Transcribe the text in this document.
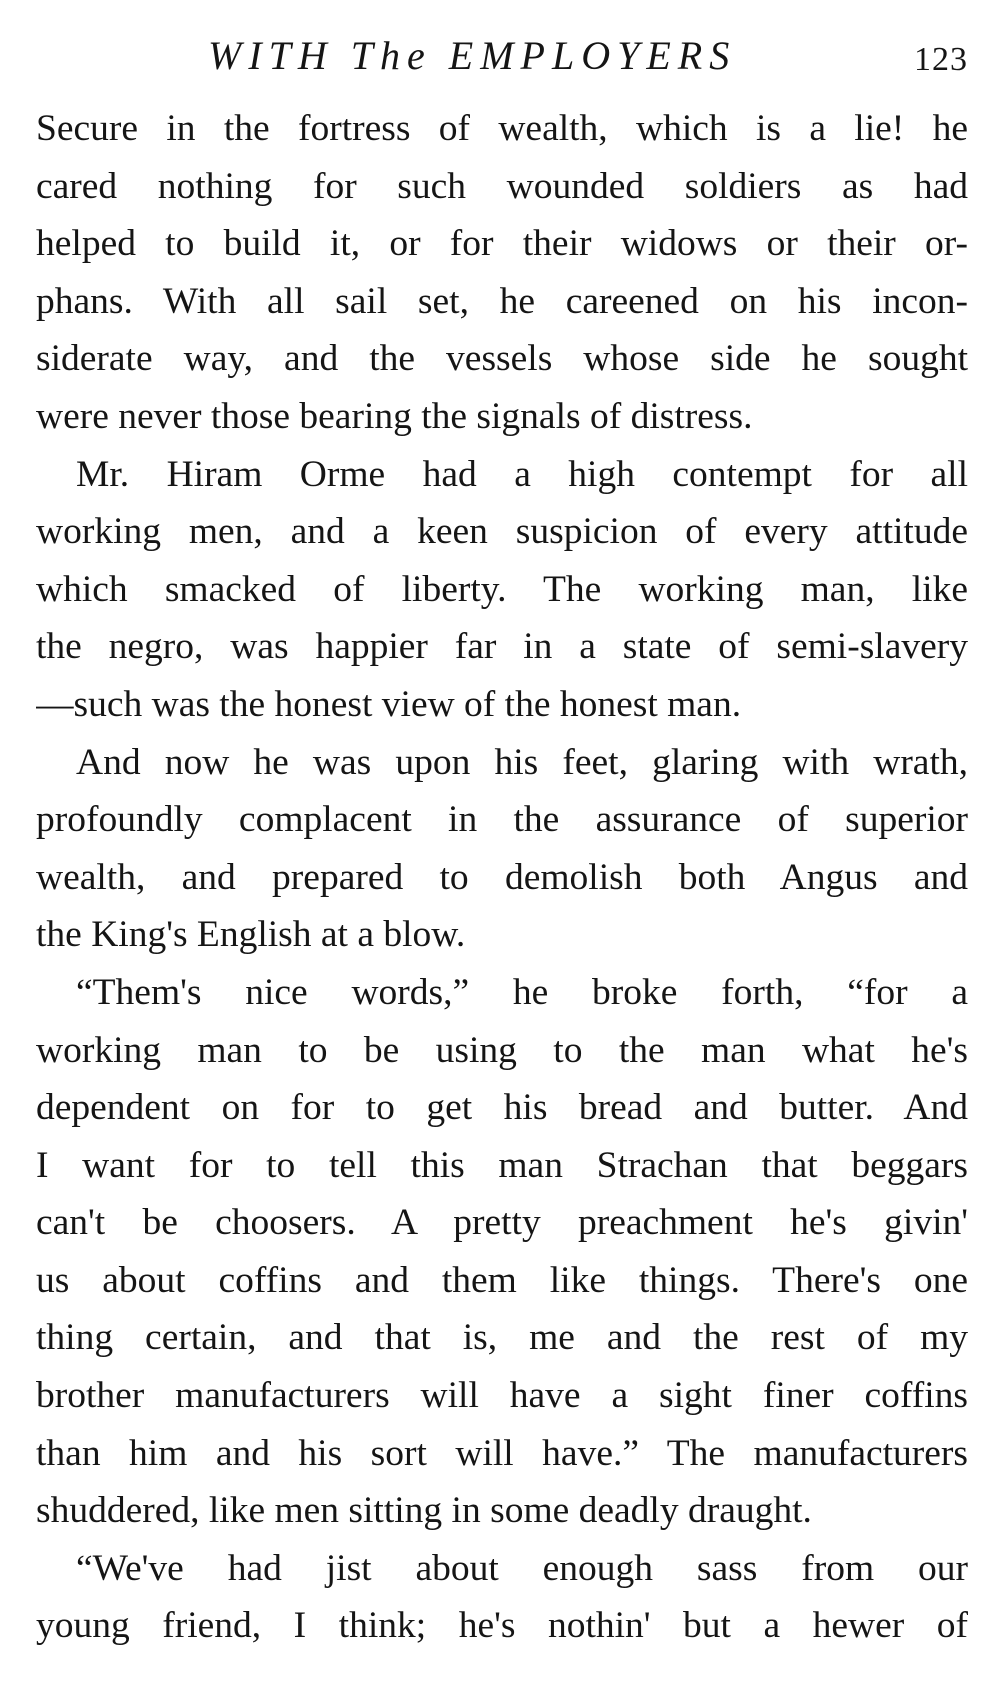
WITH The EMPLOYERS	123
Secure in the fortress of wealth, which is a lie! he
cared nothing for such wounded soldiers as had
helped to build it, or for their widows or their or-
phans. With all sail set, he careened on his incon-
siderate way, and the vessels whose side he sought
were never those bearing the signals of distress.
Mr. Hiram Orme had a high contempt for all
working men, and a keen suspicion of every attitude
which smacked of liberty. The working man, like
the negro, was happier far in a state of semi-slavery
—such was the honest view of the honest man.
And now he was upon his feet, glaring with wrath,
profoundly complacent in the assurance of superior
wealth, and prepared to demolish both Angus and
the King's English at a blow.
“Them's nice words,” he broke forth, “for a
working man to be using to the man what he's
dependent on for to get his bread and butter. And
I want for to tell this man Strachan that beggars
can't be choosers. A pretty preachment he's givin'
us about coffins and them like things. There's one
thing certain, and that is, me and the rest of my
brother manufacturers will have a sight finer coffins
than him and his sort will have.” The manufacturers
shuddered, like men sitting in some deadly draught.
“We've had jist about enough sass from our
young friend, I think; he's nothin' but a hewer of
